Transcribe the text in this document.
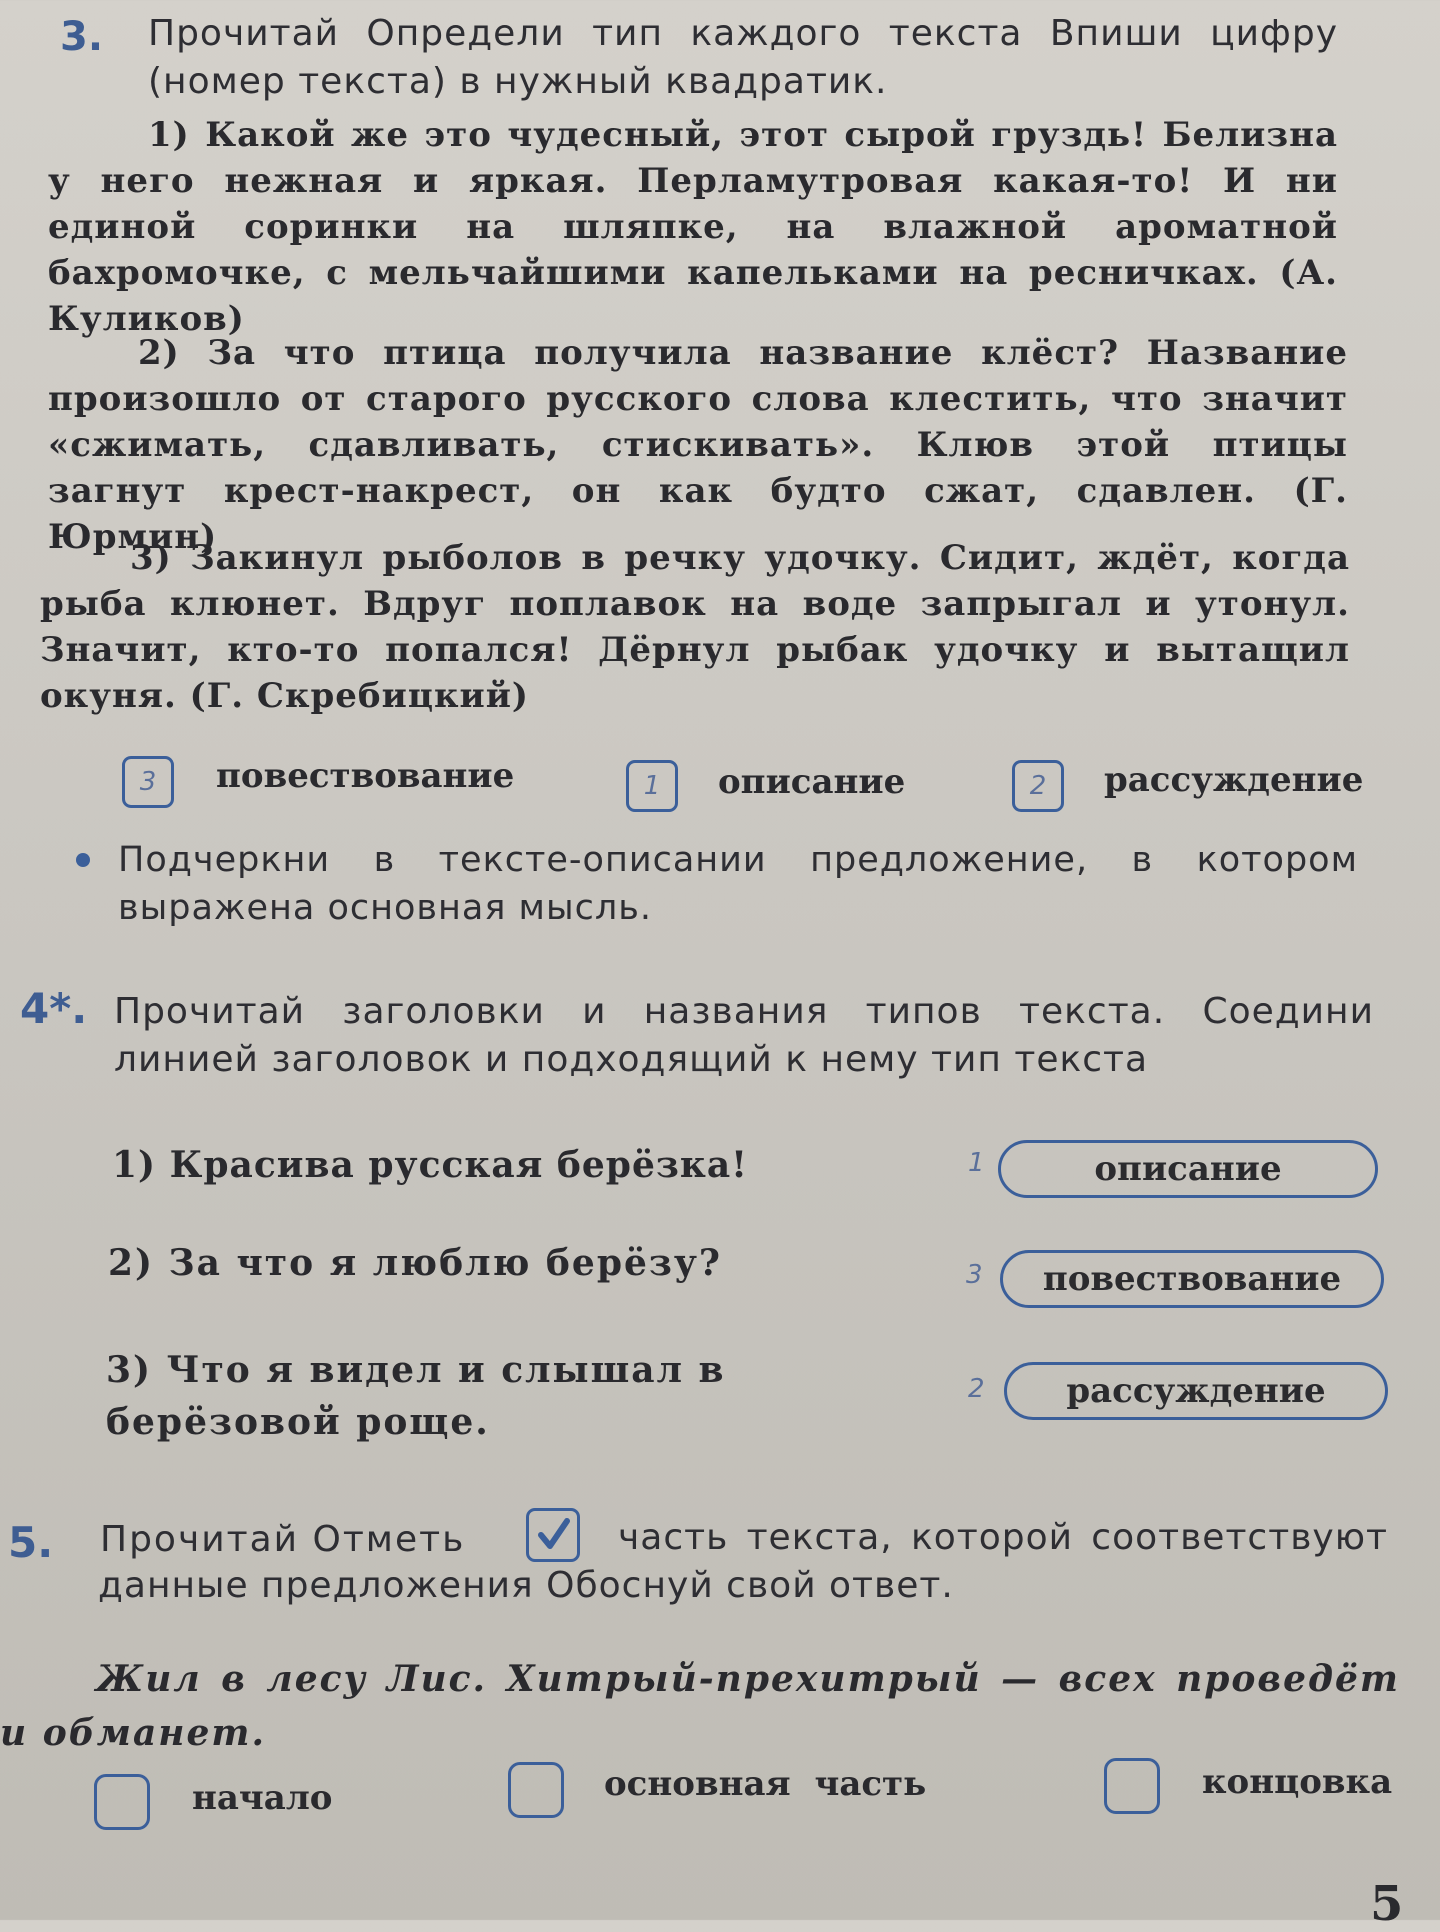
3. Прочитай Определи тип каждого текста Впиши цифру (номер текста) в нужный квадратик.
1) Какой же это чудесный, этот сырой груздь! Белизна у него нежная и яркая. Перламутровая какая-то! И ни единой соринки на шляпке, на влажной ароматной бахромочке, с мельчайшими капельками на ресничках. (А. Куликов)
2) За что птица получила название клёст? Название произошло от старого русского слова клестить, что значит «сжимать, сдавливать, стискивать». Клюв этой птицы загнут крест-накрест, он как будто сжат, сдавлен. (Г. Юрмин)
3) Закинул рыболов в речку удочку. Сидит, ждёт, когда рыба клюнет. Вдруг поплавок на воде запрыгал и утонул. Значит, кто-то попался! Дёрнул рыбак удочку и вытащил окуня. (Г. Скребицкий)
3 повествование	1 описание	2 рассуждение
Подчеркни в тексте-описании предложение, в котором выражена основная мысль.
4*. Прочитай заголовки и названия типов текста. Соедини линией заголовок и подходящий к нему тип текста
1) Красива русская берёзка!
2) За что я люблю берёзу?
3) Что я видел и слышал в берёзовой роще.
1	описание
3	повествование
2	рассуждение
5. Прочитай Отметь	часть текста, которой соответствуют данные предложения Обоснуй свой ответ.
Жил в лесу Лис. Хитрый-прехитрый — всех проведёт и обманет.
начало	основная часть	концовка
5
